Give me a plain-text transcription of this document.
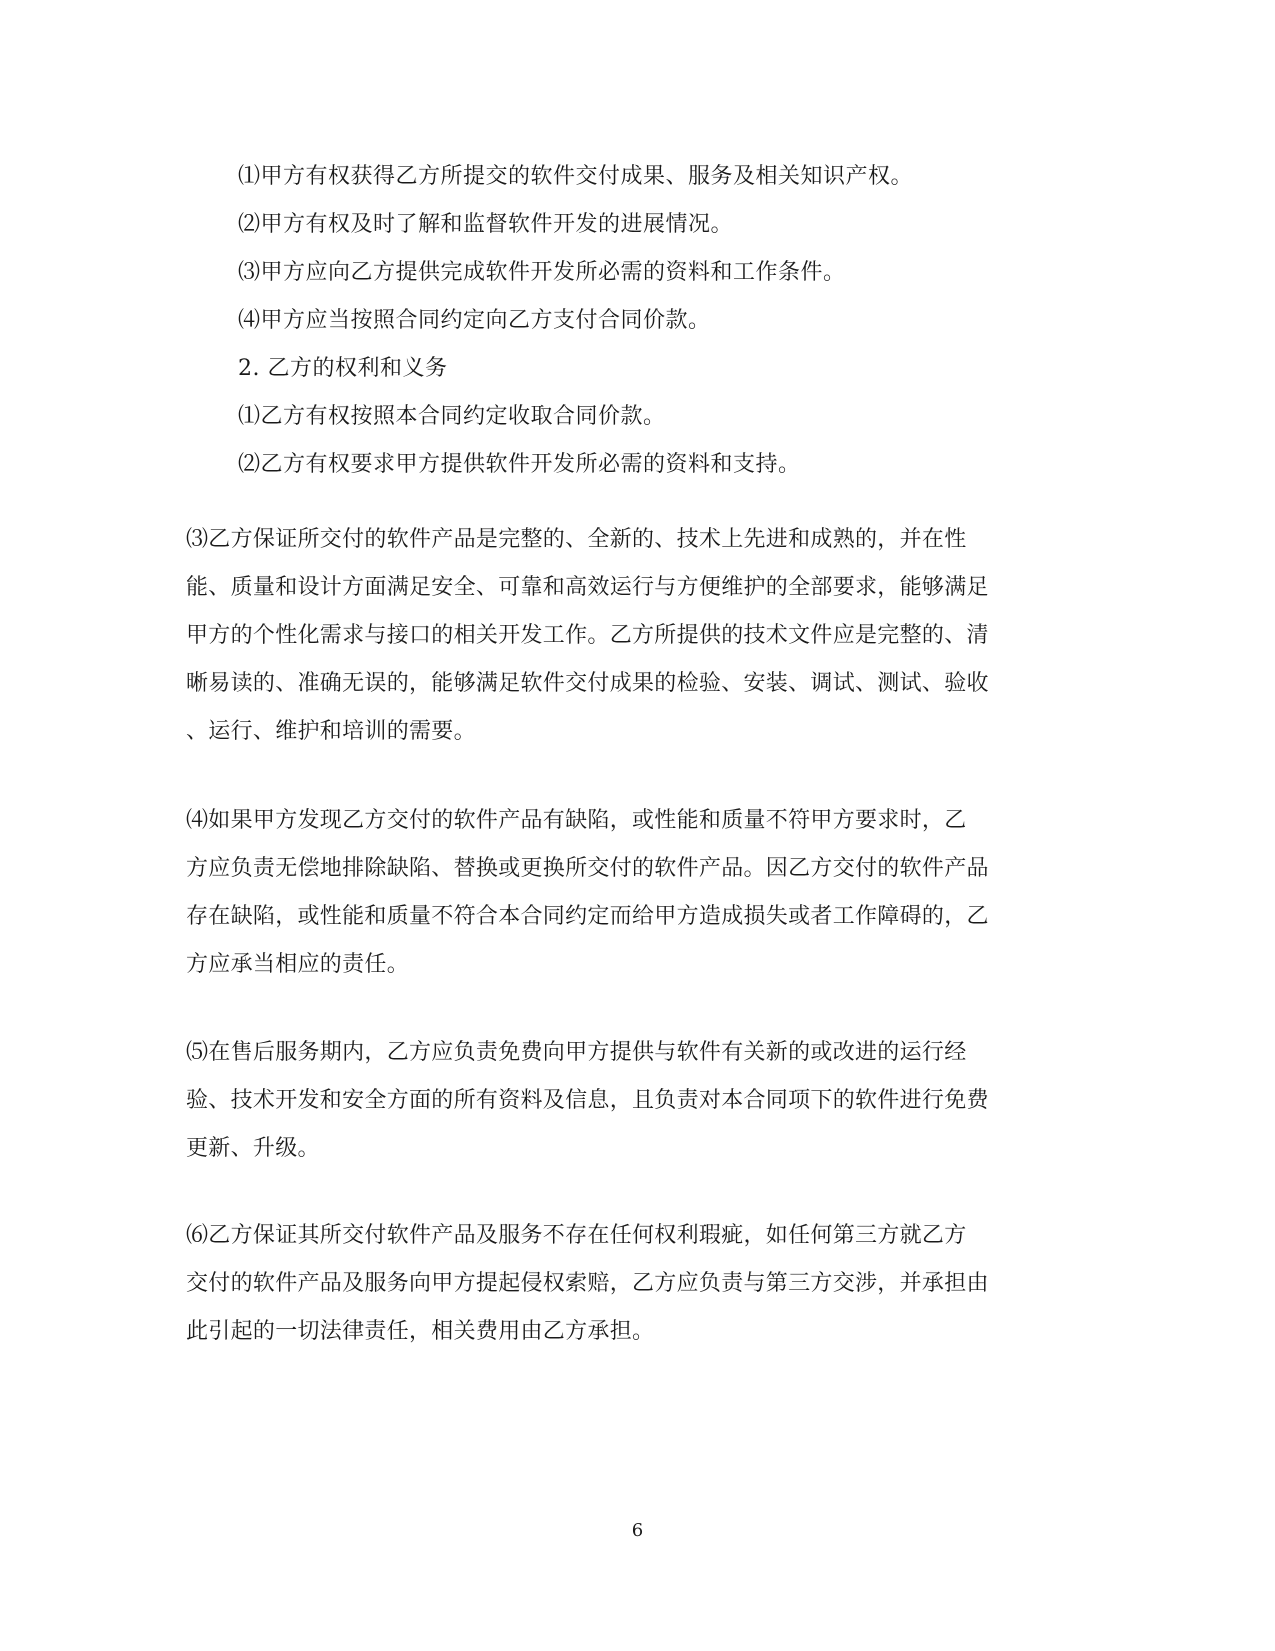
⑴甲方有权获得乙方所提交的软件交付成果、服务及相关知识产权。
⑵甲方有权及时了解和监督软件开发的进展情况。
⑶甲方应向乙方提供完成软件开发所必需的资料和工作条件。
⑷甲方应当按照合同约定向乙方支付合同价款。
2. 乙方的权利和义务
⑴乙方有权按照本合同约定收取合同价款。
⑵乙方有权要求甲方提供软件开发所必需的资料和支持。
⑶乙方保证所交付的软件产品是完整的、全新的、技术上先进和成熟的，并在性
能、质量和设计方面满足安全、可靠和高效运行与方便维护的全部要求，能够满足
甲方的个性化需求与接口的相关开发工作。乙方所提供的技术文件应是完整的、清
晰易读的、准确无误的，能够满足软件交付成果的检验、安装、调试、测试、验收
、运行、维护和培训的需要。
⑷如果甲方发现乙方交付的软件产品有缺陷，或性能和质量不符甲方要求时，乙
方应负责无偿地排除缺陷、替换或更换所交付的软件产品。因乙方交付的软件产品
存在缺陷，或性能和质量不符合本合同约定而给甲方造成损失或者工作障碍的，乙
方应承当相应的责任。
⑸在售后服务期内，乙方应负责免费向甲方提供与软件有关新的或改进的运行经
验、技术开发和安全方面的所有资料及信息，且负责对本合同项下的软件进行免费
更新、升级。
⑹乙方保证其所交付软件产品及服务不存在任何权利瑕疵，如任何第三方就乙方
交付的软件产品及服务向甲方提起侵权索赔，乙方应负责与第三方交涉，并承担由
此引起的一切法律责任，相关费用由乙方承担。
6
